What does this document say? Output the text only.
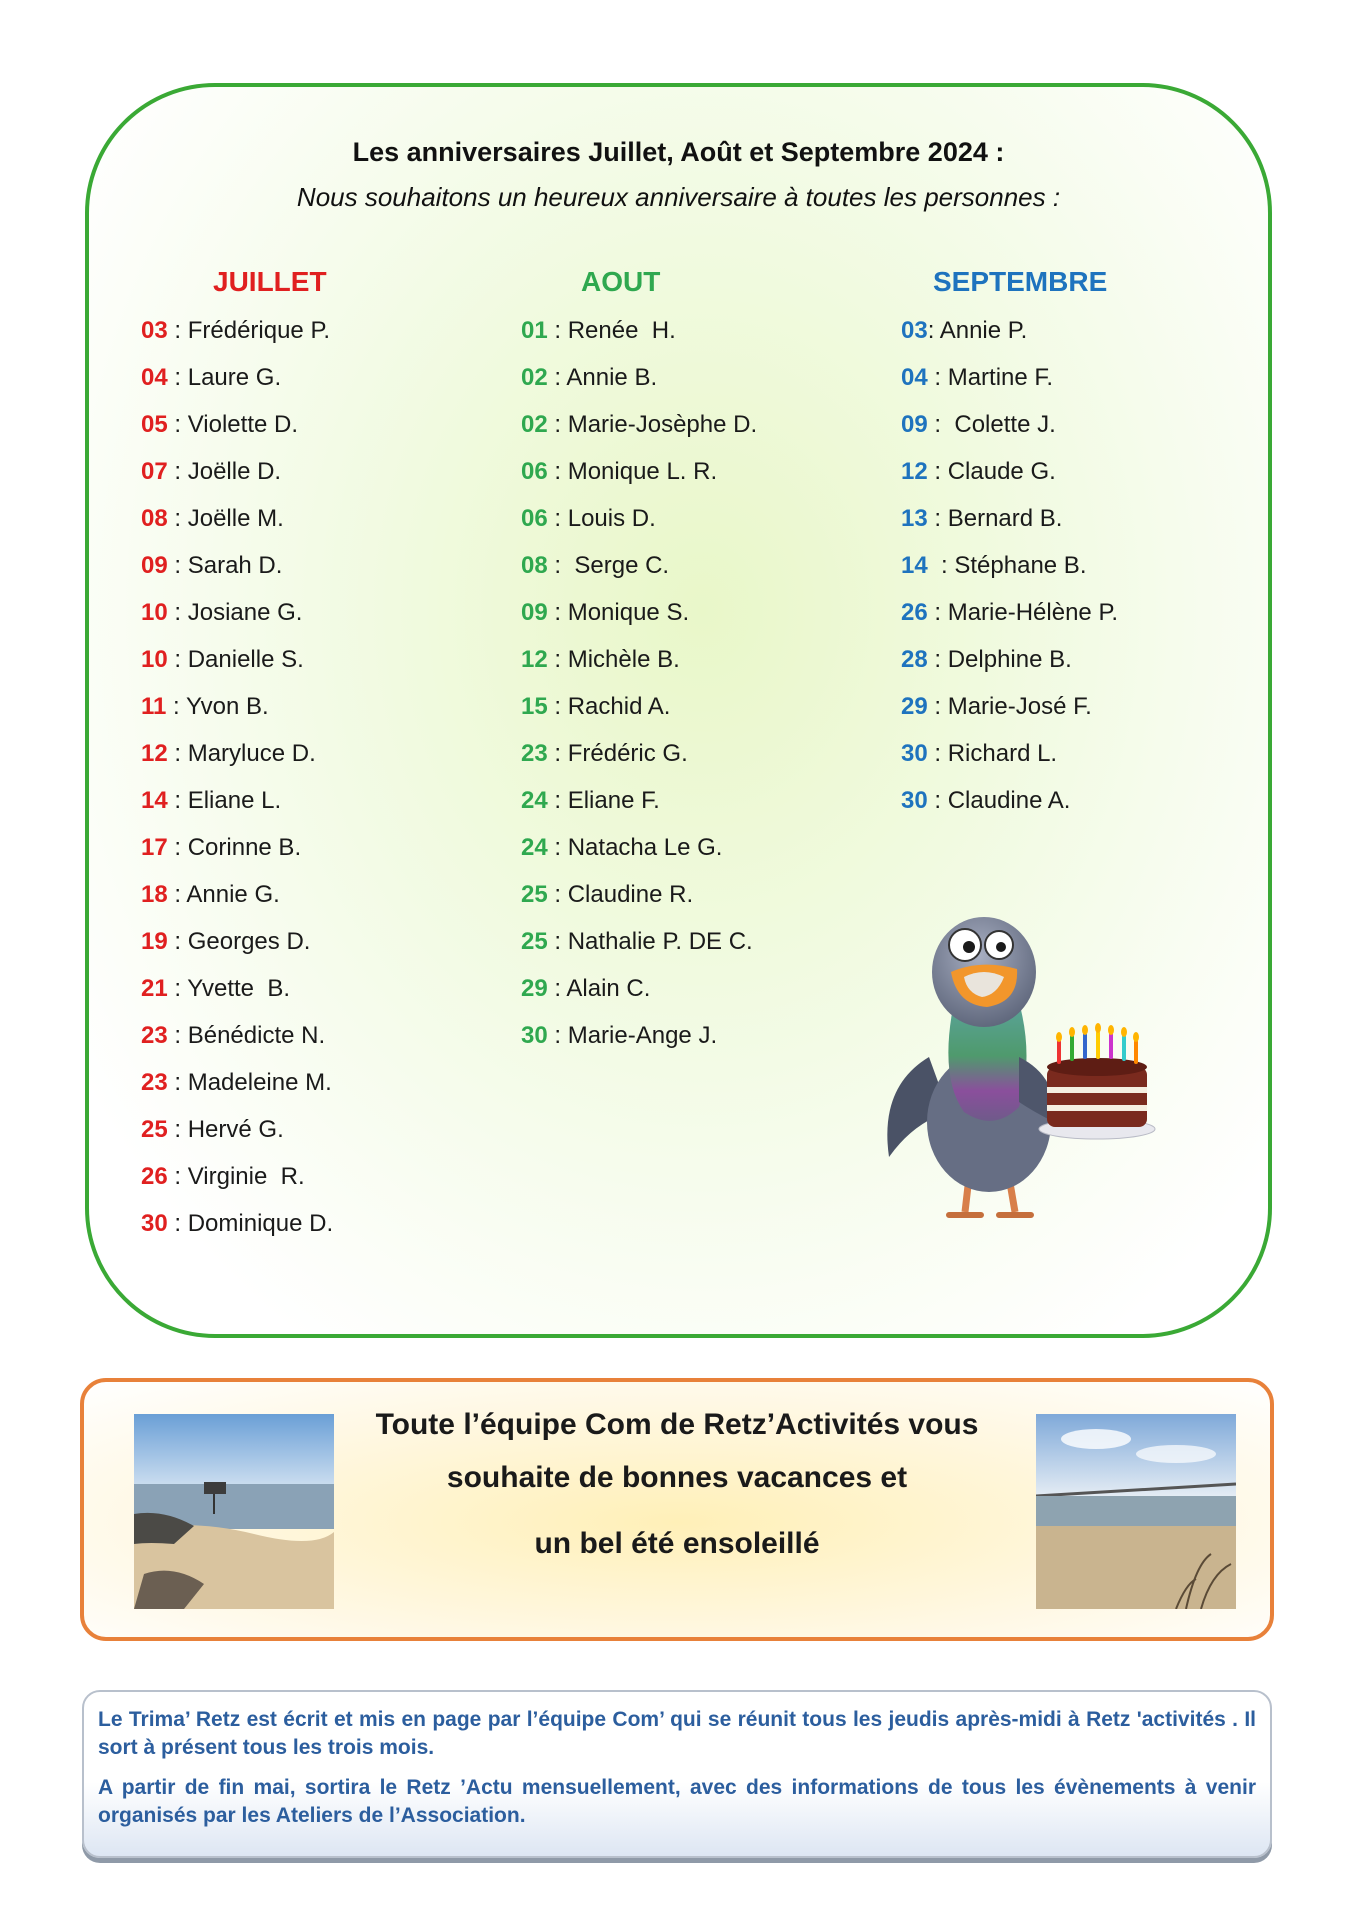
Les anniversaires Juillet, Août et Septembre 2024 :
Nous souhaitons un heureux anniversaire à toutes les personnes :
JUILLET
03 : Frédérique P.
04 : Laure G.
05 : Violette D.
07 : Joëlle D.
08 : Joëlle M.
09 : Sarah D.
10 : Josiane G.
10 : Danielle S.
11 : Yvon B.
12 : Maryluce D.
14 : Eliane L.
17 : Corinne B.
18 : Annie G.
19 : Georges D.
21 : Yvette  B.
23 : Bénédicte N.
23 : Madeleine M.
25 : Hervé G.
26 : Virginie  R.
30 : Dominique D.
AOUT
01 : Renée  H.
02 : Annie B.
02 : Marie-Josèphe D.
06 : Monique L. R.
06 : Louis D.
08 :  Serge C.
09 : Monique S.
12 : Michèle B.
15 : Rachid A.
23 : Frédéric G.
24 : Eliane F.
24 : Natacha Le G.
25 : Claudine R.
25 : Nathalie P. DE C.
29 : Alain C.
30 : Marie-Ange J.
SEPTEMBRE
03: Annie P.
04 : Martine F.
09 :  Colette J.
12 : Claude G.
13 : Bernard B.
14  : Stéphane B.
26 : Marie-Hélène P.
28 : Delphine B.
29 : Marie-José F.
30 : Richard L.
30 : Claudine A.
Toute l’équipe Com de Retz’Activités vous
souhaite de bonnes vacances et
un bel été ensoleillé

Le Trima’ Retz est écrit et mis en page par l’équipe Com’ qui se réunit tous les jeudis après-midi à Retz 'activités . Il sort à présent tous les trois mois.

A partir de fin mai, sortira le Retz ’Actu mensuellement, avec des informations de tous les évènements à venir organisés par les Ateliers de l’Association.
